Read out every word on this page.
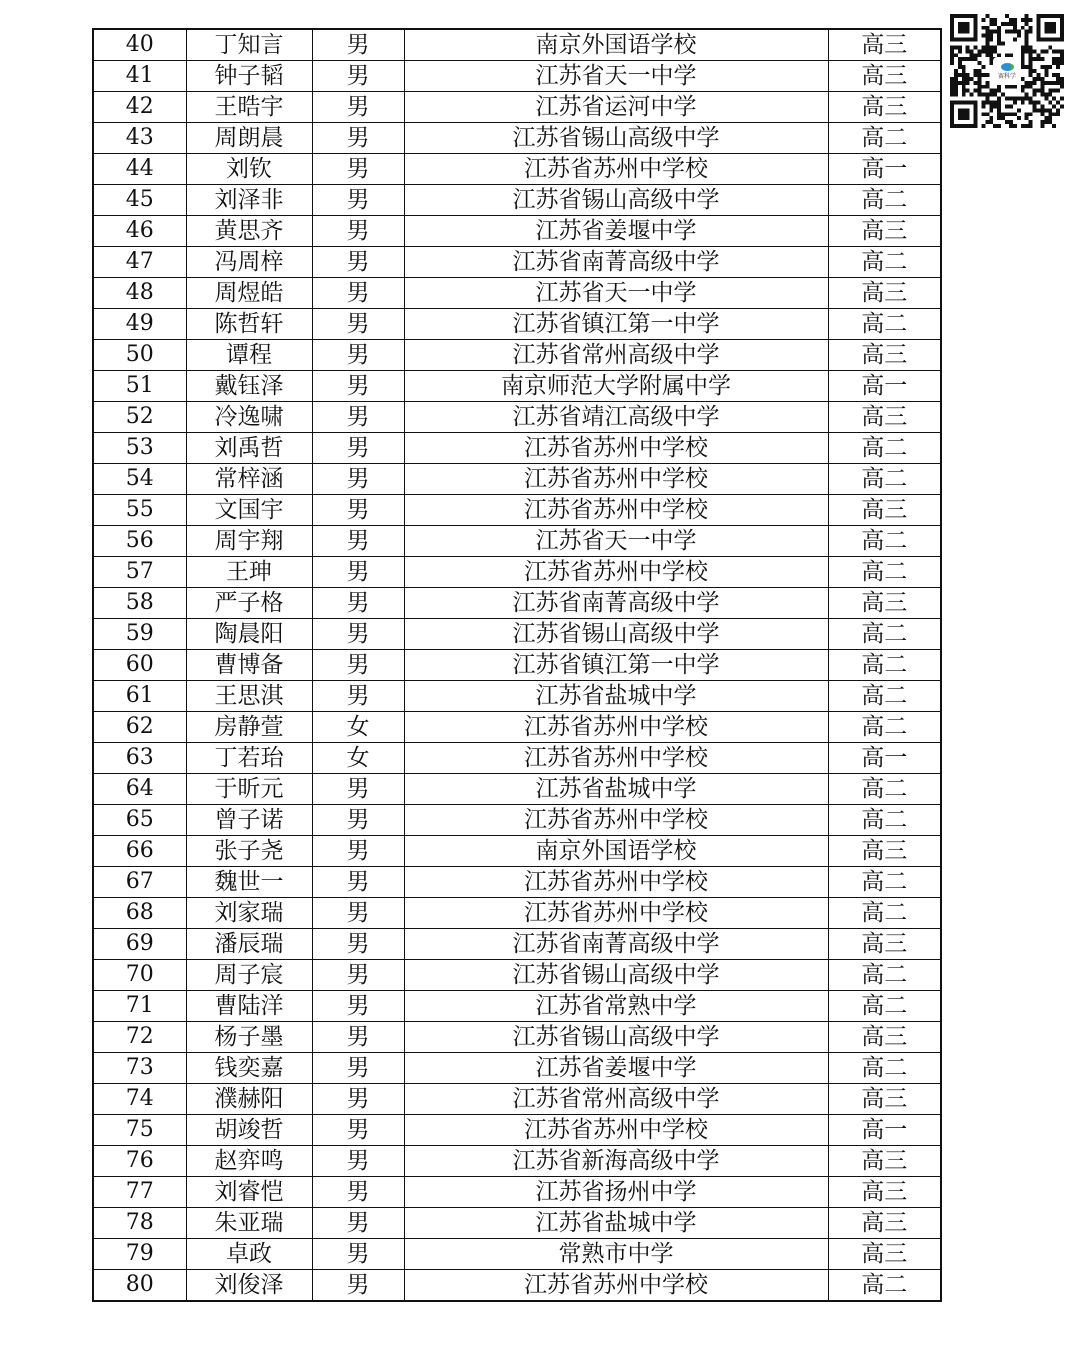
40	丁知言	男	南京外国语学校	高三
41	钟子韬	男	江苏省天一中学	高三
42	王晧宇	男	江苏省运河中学	高三
43	周朗晨	男	江苏省锡山高级中学	高二
44	刘钦	男	江苏省苏州中学校	高一
45	刘泽非	男	江苏省锡山高级中学	高二
46	黄思齐	男	江苏省姜堰中学	高三
47	冯周梓	男	江苏省南菁高级中学	高二
48	周煜皓	男	江苏省天一中学	高三
49	陈哲轩	男	江苏省镇江第一中学	高二
50	谭程	男	江苏省常州高级中学	高三
51	戴钰泽	男	南京师范大学附属中学	高一
52	冷逸啸	男	江苏省靖江高级中学	高三
53	刘禹哲	男	江苏省苏州中学校	高二
54	常梓涵	男	江苏省苏州中学校	高二
55	文国宇	男	江苏省苏州中学校	高三
56	周宇翔	男	江苏省天一中学	高二
57	王珅	男	江苏省苏州中学校	高二
58	严子格	男	江苏省南菁高级中学	高三
59	陶晨阳	男	江苏省锡山高级中学	高二
60	曹博备	男	江苏省镇江第一中学	高二
61	王思淇	男	江苏省盐城中学	高二
62	房静萱	女	江苏省苏州中学校	高二
63	丁若珆	女	江苏省苏州中学校	高一
64	于昕元	男	江苏省盐城中学	高二
65	曾子诺	男	江苏省苏州中学校	高二
66	张子尧	男	南京外国语学校	高三
67	魏世一	男	江苏省苏州中学校	高二
68	刘家瑞	男	江苏省苏州中学校	高二
69	潘辰瑞	男	江苏省南菁高级中学	高三
70	周子宸	男	江苏省锡山高级中学	高二
71	曹陆洋	男	江苏省常熟中学	高二
72	杨子墨	男	江苏省锡山高级中学	高三
73	钱奕嘉	男	江苏省姜堰中学	高二
74	濮赫阳	男	江苏省常州高级中学	高三
75	胡竣哲	男	江苏省苏州中学校	高一
76	赵弈鸣	男	江苏省新海高级中学	高三
77	刘睿恺	男	江苏省扬州中学	高三
78	朱亚瑞	男	江苏省盐城中学	高三
79	卓政	男	常熟市中学	高三
80	刘俊泽	男	江苏省苏州中学校	高二
赛科学
